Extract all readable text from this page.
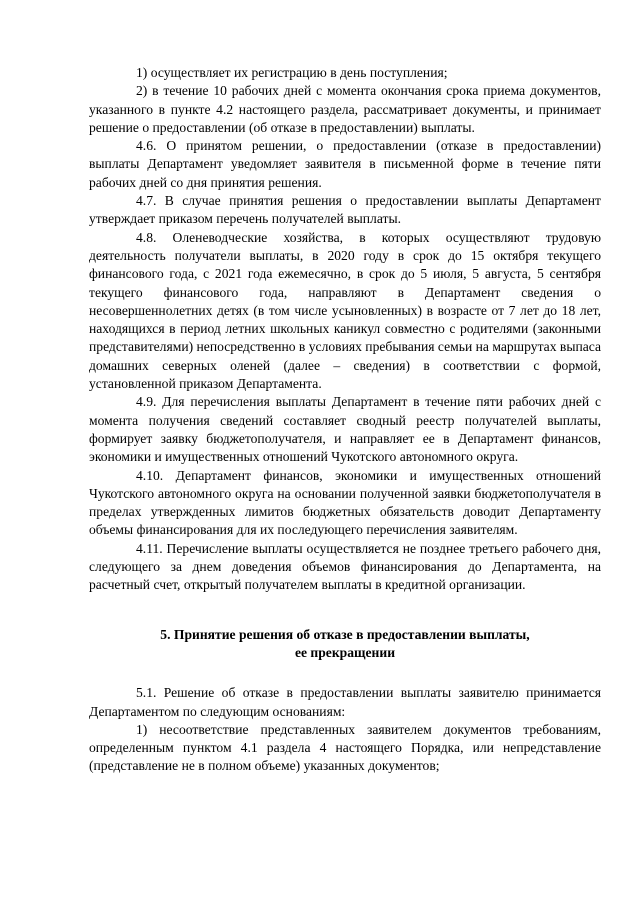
1) осуществляет их регистрацию в день поступления;

2) в течение 10 рабочих дней с момента окончания срока приема документов, указанного в пункте 4.2 настоящего раздела, рассматривает документы, и принимает решение о предоставлении (об отказе в предоставлении) выплаты.

4.6. О принятом решении, о предоставлении (отказе в предоставлении) выплаты Департамент уведомляет заявителя в письменной форме в течение пяти рабочих дней со дня принятия решения.

4.7. В случае принятия решения о предоставлении выплаты Департамент утверждает приказом перечень получателей выплаты.

4.8. Оленеводческие хозяйства, в которых осуществляют трудовую деятельность получатели выплаты, в 2020 году в срок до 15 октября текущего финансового года, с 2021 года ежемесячно, в срок до 5 июля, 5 августа, 5 сентября текущего финансового года, направляют в Департамент сведения о несовершеннолетних детях (в том числе усыновленных) в возрасте от 7 лет до 18 лет, находящихся в период летних школьных каникул совместно с родителями (законными представителями) непосредственно в условиях пребывания семьи на маршрутах выпаса домашних северных оленей (далее – сведения) в соответствии с формой, установленной приказом Департамента.

4.9. Для перечисления выплаты Департамент в течение пяти рабочих дней с момента получения сведений составляет сводный реестр получателей выплаты, формирует заявку бюджетополучателя, и направляет ее в Департамент финансов, экономики и имущественных отношений Чукотского автономного округа.

4.10. Департамент финансов, экономики и имущественных отношений Чукотского автономного округа на основании полученной заявки бюджетополучателя в пределах утвержденных лимитов бюджетных обязательств доводит Департаменту объемы финансирования для их последующего перечисления заявителям.

4.11. Перечисление выплаты осуществляется не позднее третьего рабочего дня, следующего за днем доведения объемов финансирования до Департамента, на расчетный счет, открытый получателем выплаты в кредитной организации.

5. Принятие решения об отказе в предоставлении выплаты,
ее прекращении

5.1. Решение об отказе в предоставлении выплаты заявителю принимается Департаментом по следующим основаниям:

1) несоответствие представленных заявителем документов требованиям, определенным пунктом 4.1 раздела 4 настоящего Порядка, или непредставление (представление не в полном объеме) указанных документов;
